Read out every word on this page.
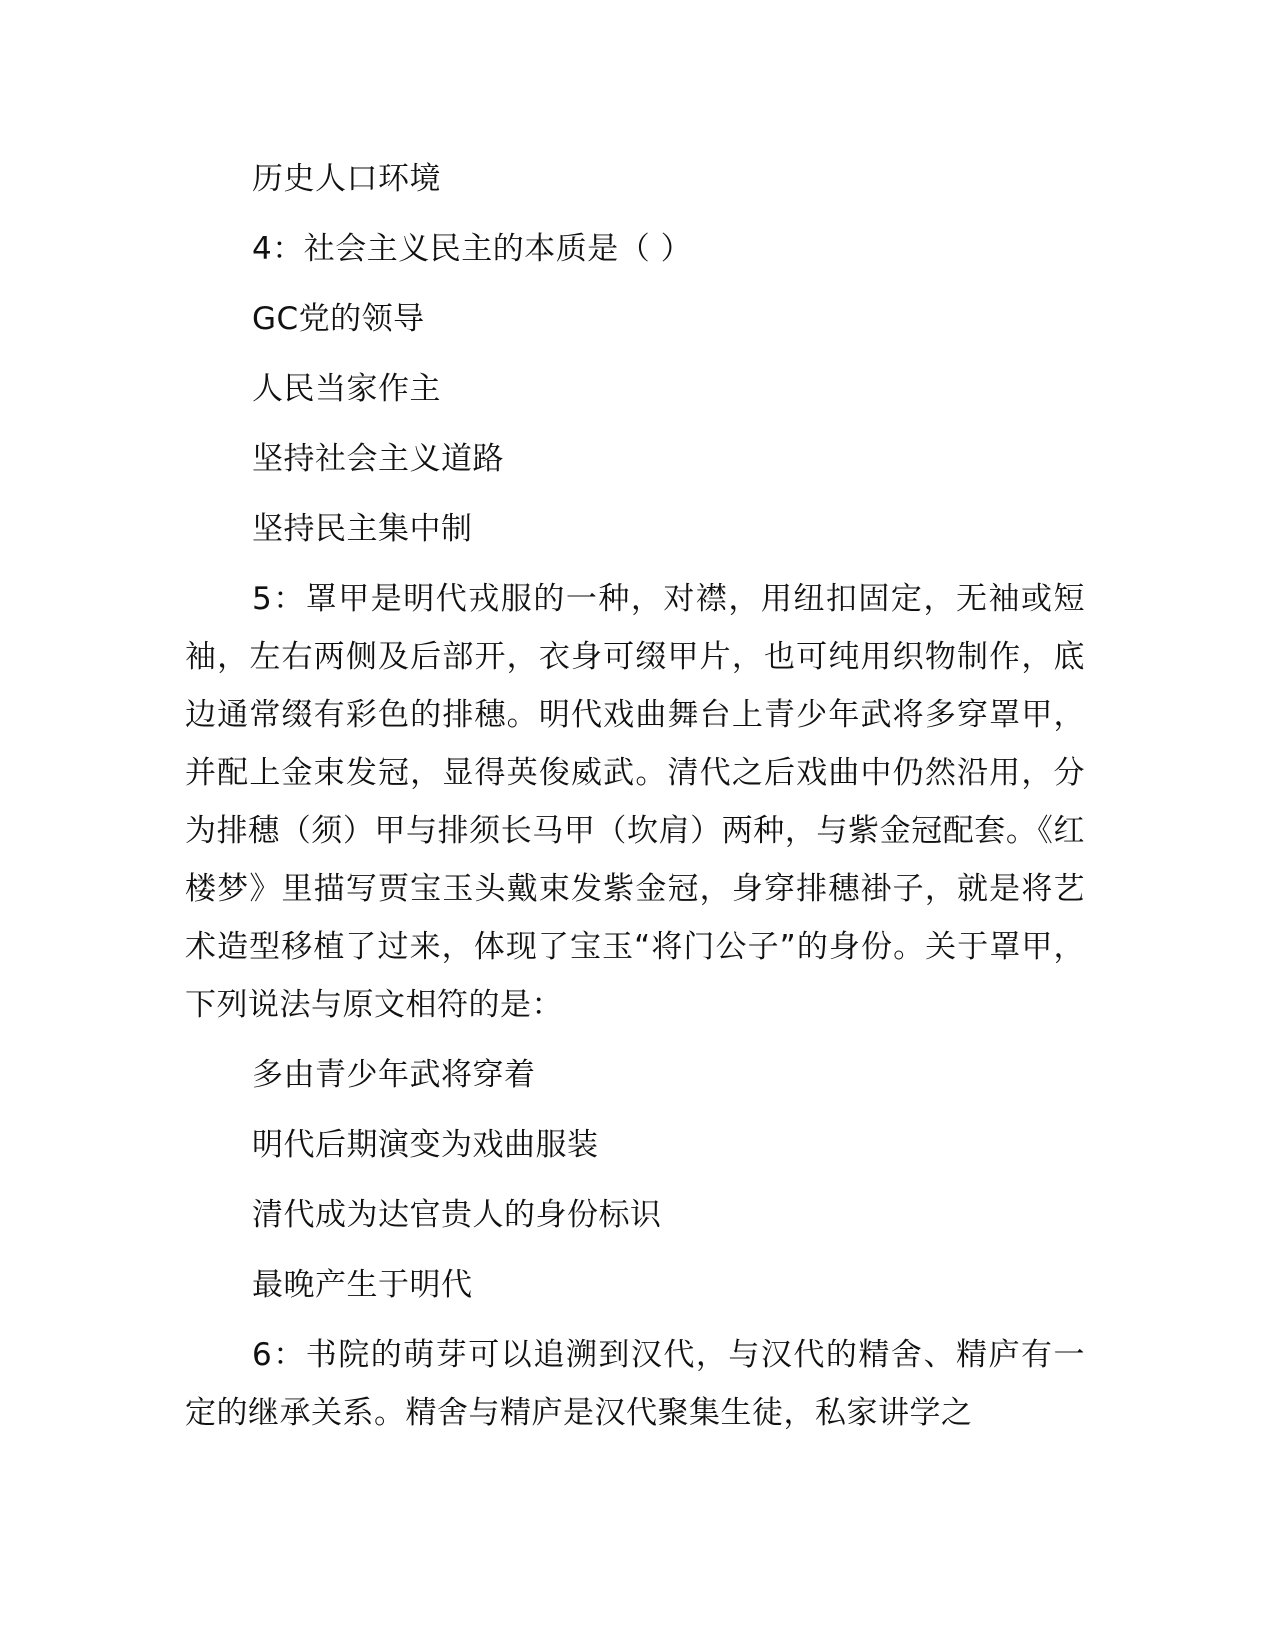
历史人口环境

4：社会主义民主的本质是（ ）

GC党的领导

人民当家作主

坚持社会主义道路

坚持民主集中制

5：罩甲是明代戎服的一种，对襟，用纽扣固定，无袖或短袖，左右两侧及后部开，衣身可缀甲片，也可纯用织物制作，底边通常缀有彩色的排穗。明代戏曲舞台上青少年武将多穿罩甲，并配上金束发冠，显得英俊威武。清代之后戏曲中仍然沿用，分为排穗（须）甲与排须长马甲（坎肩）两种，与紫金冠配套。《红楼梦》里描写贾宝玉头戴束发紫金冠，身穿排穗褂子，就是将艺术造型移植了过来，体现了宝玉“将门公子”的身份。关于罩甲，下列说法与原文相符的是：

多由青少年武将穿着

明代后期演变为戏曲服装

清代成为达官贵人的身份标识

最晚产生于明代

6：书院的萌芽可以追溯到汉代，与汉代的精舍、精庐有一定的继承关系。精舍与精庐是汉代聚集生徒，私家讲学之
